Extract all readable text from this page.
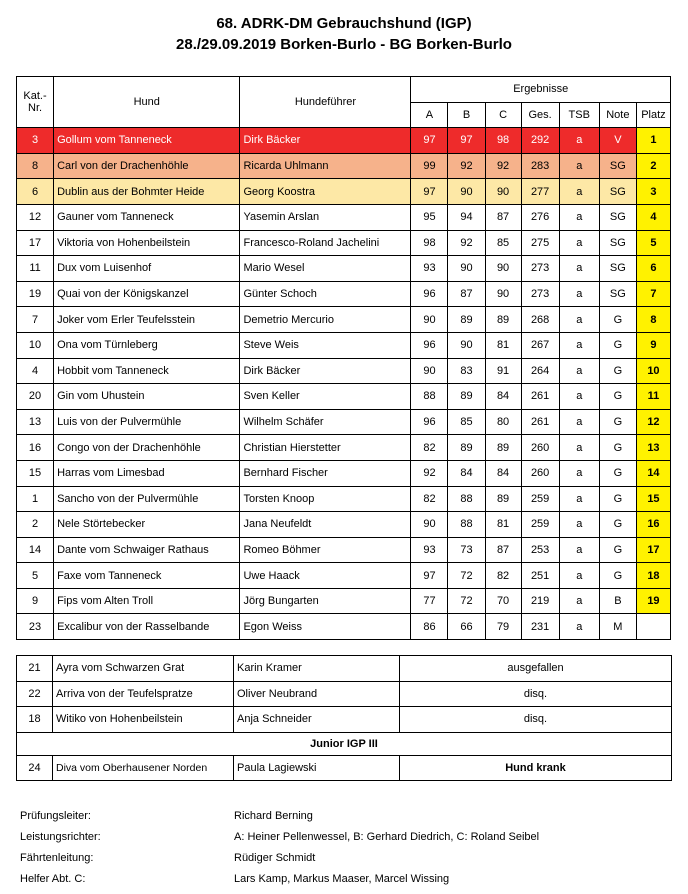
68. ADRK-DM Gebrauchshund (IGP)
28./29.09.2019 Borken-Burlo - BG Borken-Burlo
Kat.-
Nr.	Hund	Hundeführer	Ergebnisse						
			A	B	C	Ges.	TSB	Note	Platz
3	Gollum vom Tanneneck	Dirk Bäcker	97	97	98	292	a	V	1
8	Carl von der Drachenhöhle	Ricarda Uhlmann	99	92	92	283	a	SG	2
6	Dublin aus der Bohmter Heide	Georg Koostra	97	90	90	277	a	SG	3
12	Gauner vom Tanneneck	Yasemin Arslan	95	94	87	276	a	SG	4
17	Viktoria von Hohenbeilstein	Francesco-Roland Jachelini	98	92	85	275	a	SG	5
11	Dux vom Luisenhof	Mario Wesel	93	90	90	273	a	SG	6
19	Quai von der Königskanzel	Günter Schoch	96	87	90	273	a	SG	7
7	Joker vom Erler Teufelsstein	Demetrio Mercurio	90	89	89	268	a	G	8
10	Ona vom Türnleberg	Steve Weis	96	90	81	267	a	G	9
4	Hobbit vom Tanneneck	Dirk Bäcker	90	83	91	264	a	G	10
20	Gin vom Uhustein	Sven Keller	88	89	84	261	a	G	11
13	Luis von der Pulvermühle	Wilhelm Schäfer	96	85	80	261	a	G	12
16	Congo von der Drachenhöhle	Christian Hierstetter	82	89	89	260	a	G	13
15	Harras vom Limesbad	Bernhard Fischer	92	84	84	260	a	G	14
1	Sancho von der Pulvermühle	Torsten Knoop	82	88	89	259	a	G	15
2	Nele Störtebecker	Jana Neufeldt	90	88	81	259	a	G	16
14	Dante vom Schwaiger Rathaus	Romeo Böhmer	93	73	87	253	a	G	17
5	Faxe vom Tanneneck	Uwe Haack	97	72	82	251	a	G	18
9	Fips vom Alten Troll	Jörg Bungarten	77	72	70	219	a	B	19
23	Excalibur von der Rasselbande	Egon Weiss	86	66	79	231	a	M	
21	Ayra vom Schwarzen Grat	Karin Kramer	ausgefallen
22	Arriva von der Teufelspratze	Oliver Neubrand	disq.
18	Witiko von Hohenbeilstein	Anja Schneider	disq.
Junior IGP III			
24	Diva vom Oberhausener Norden	Paula Lagiewski	Hund krank
Prüfungsleiter:	Richard Berning
Leistungsrichter:	A: Heiner Pellenwessel, B: Gerhard Diedrich, C: Roland Seibel
Fährtenleitung:	Rüdiger Schmidt
Helfer Abt. C:	Lars Kamp, Markus Maaser, Marcel Wissing
